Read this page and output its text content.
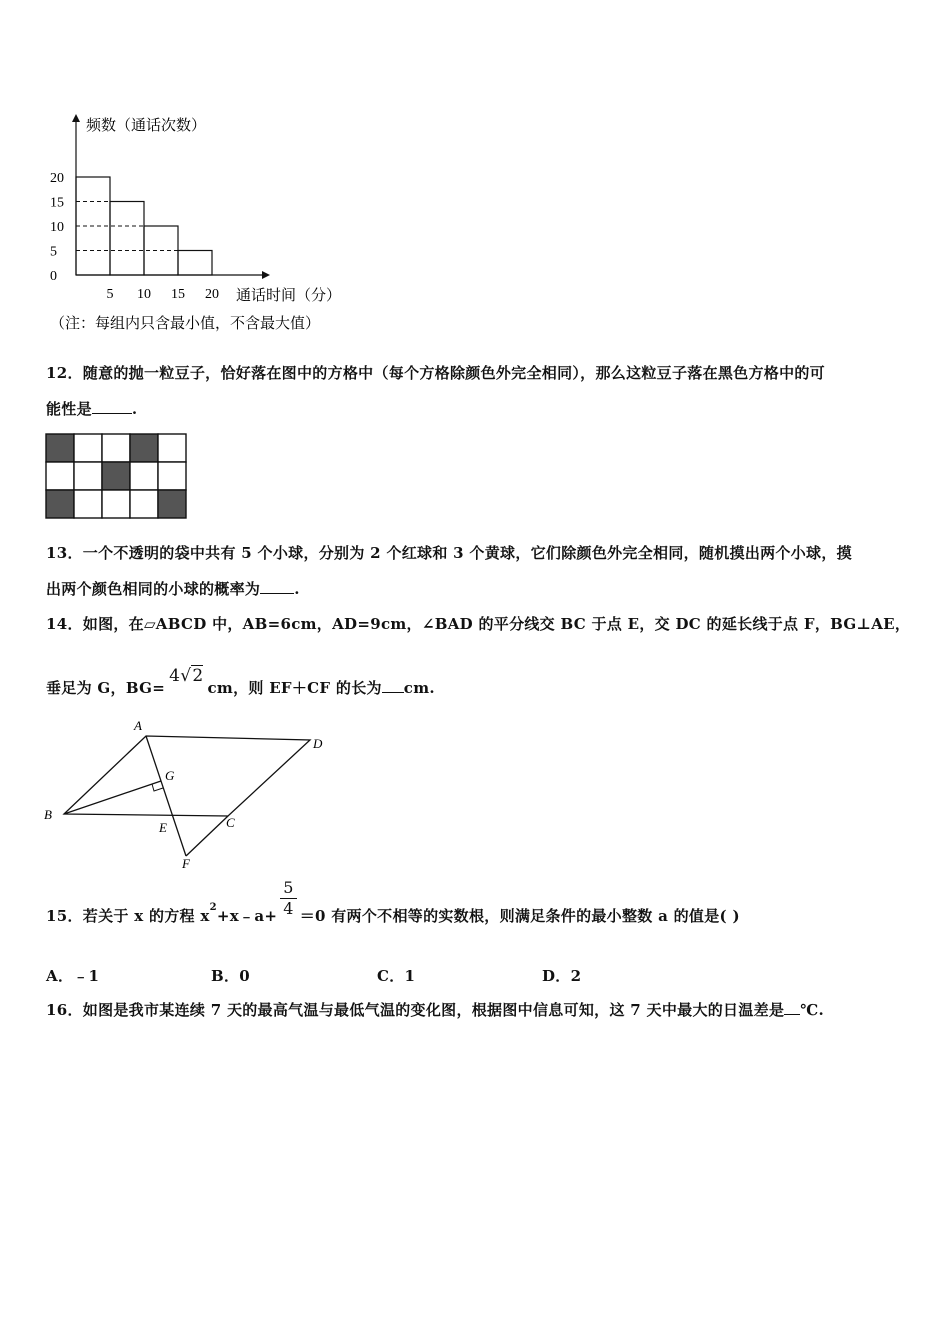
20
15
10
5
0
5 10 15 20
频数（通话次数）
通话时间（分）
（注：每组内只含最小值，不含最大值）
12．随意的抛一粒豆子，恰好落在图中的方格中（每个方格除颜色外完全相同），那么这粒豆子落在黑色方格中的可
能性是	.
13．一个不透明的袋中共有 5 个小球，分别为 2 个红球和 3 个黄球，它们除颜色外完全相同，随机摸出两个小球，摸
出两个颜色相同的小球的概率为 .
14．如图，在▱ABCD 中，AB=6cm，AD=9cm，∠BAD 的平分线交 BC 于点 E，交 DC 的延长线于点 F，BG⊥AE，
垂足为 G，BG=4√2cm，则 EF＋CF 的长为 cm.
A
D
B
C
E
F
G
15．若关于 x 的方程 $x^2+x﹣a+ \frac{5}{4} =0$ 有两个不相等的实数根，则满足条件的最小整数 a 的值是( )
A．﹣1	B．0	C．1	D．2
16．如图是我市某连续 7 天的最高气温与最低气温的变化图，根据图中信息可知，这 7 天中最大的日温差是 ℃.
